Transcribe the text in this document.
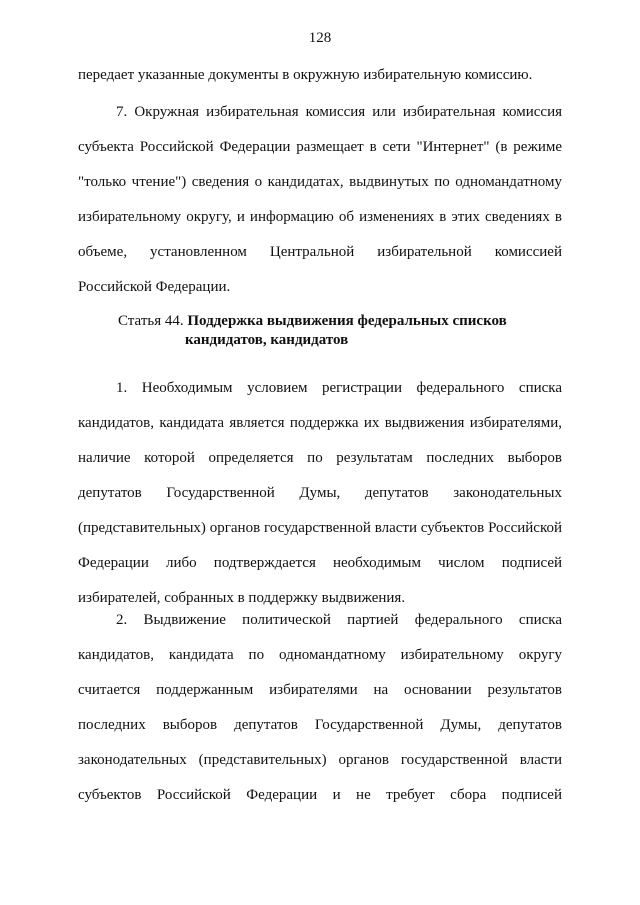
128
передает указанные документы в окружную избирательную комиссию.
7. Окружная избирательная комиссия или избирательная комиссия субъекта Российской Федерации размещает в сети "Интернет" (в режиме "только чтение") сведения о кандидатах, выдвинутых по одномандатному избирательному округу, и информацию об изменениях в этих сведениях в объеме, установленном Центральной избирательной комиссией Российской Федерации.
Статья 44. Поддержка выдвижения федеральных списков
кандидатов, кандидатов
1. Необходимым условием регистрации федерального списка кандидатов, кандидата является поддержка их выдвижения избирателями, наличие которой определяется по результатам последних выборов депутатов Государственной Думы, депутатов законодательных (представительных) органов государственной власти субъектов Российской Федерации либо подтверждается необходимым числом подписей избирателей, собранных в поддержку выдвижения.
2. Выдвижение политической партией федерального списка кандидатов, кандидата по одномандатному избирательному округу считается поддержанным избирателями на основании результатов последних выборов депутатов Государственной Думы, депутатов законодательных (представительных) органов государственной власти субъектов Российской Федерации и не требует сбора подписей
